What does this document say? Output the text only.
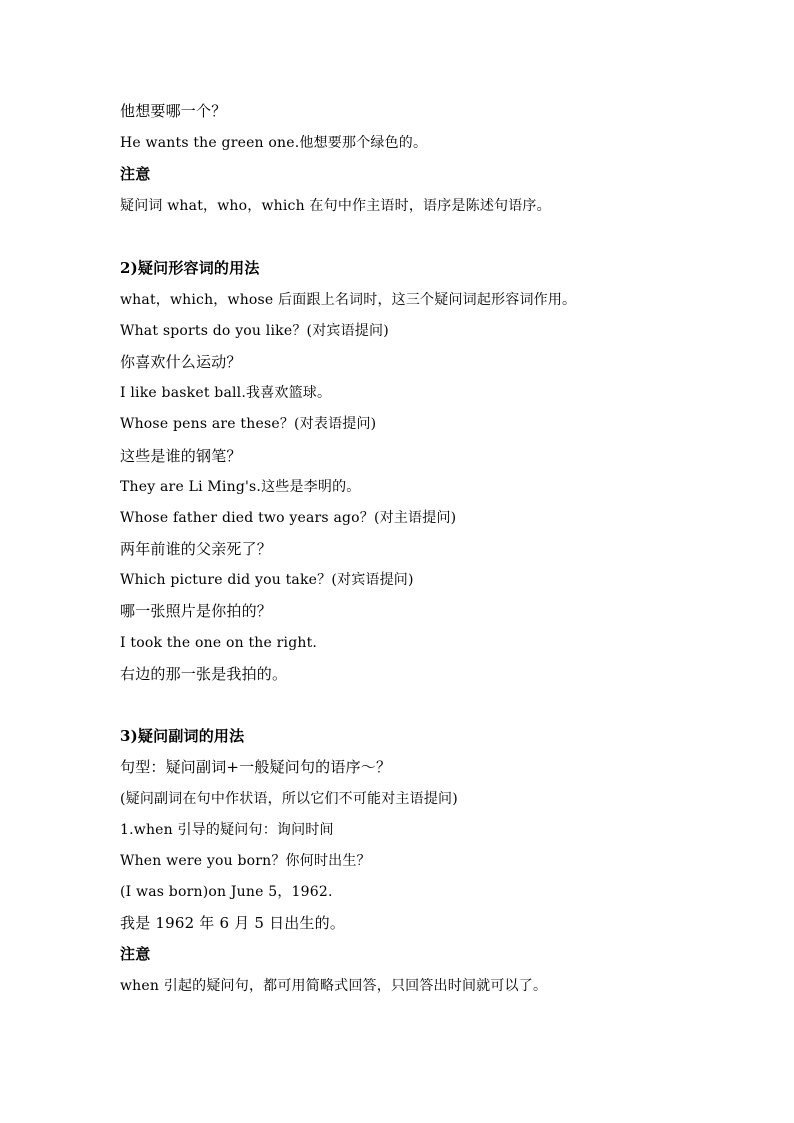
他想要哪一个？
He wants the green one.他想要那个绿色的。
注意
疑问词 what，who，which 在句中作主语时，语序是陈述句语序。
2)疑问形容词的用法
what，which，whose 后面跟上名词时，这三个疑问词起形容词作用。
What sports do you like？(对宾语提问)
你喜欢什么运动？
I like basket ball.我喜欢篮球。
Whose pens are these？(对表语提问)
这些是谁的钢笔？
They are Li Ming's.这些是李明的。
Whose father died two years ago？(对主语提问)
两年前谁的父亲死了？
Which picture did you take？(对宾语提问)
哪一张照片是你拍的？
I took the one on the right.
右边的那一张是我拍的。
3)疑问副词的用法
句型：疑问副词+一般疑问句的语序～？
(疑问副词在句中作状语，所以它们不可能对主语提问)
1.when 引导的疑问句：询问时间
When were you born？你何时出生？
(I was born)on June 5，1962.
我是 1962 年 6 月 5 日出生的。
注意
when 引起的疑问句，都可用简略式回答，只回答出时间就可以了。
